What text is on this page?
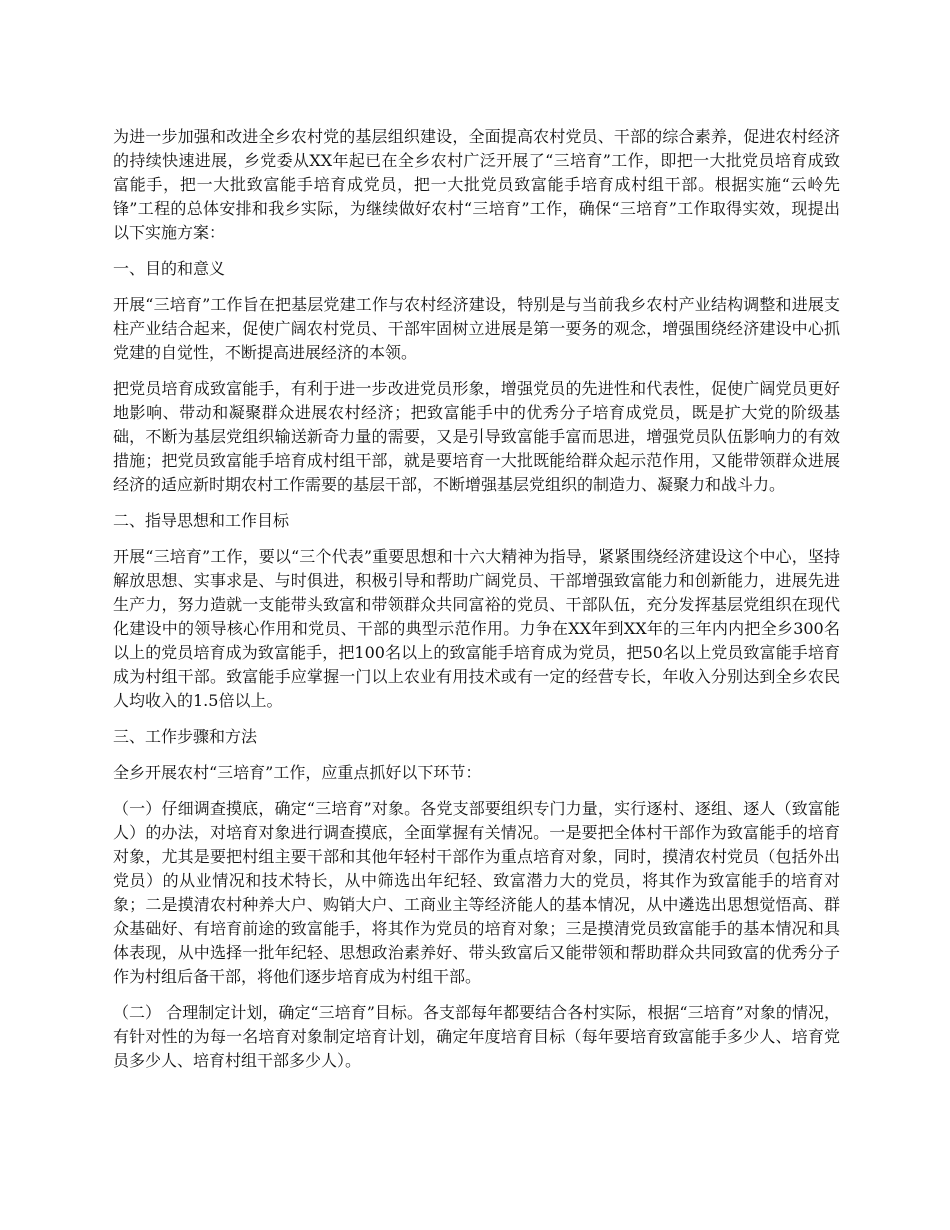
为进一步加强和改进全乡农村党的基层组织建设，全面提高农村党员、干部的综合素养，促进农村经济的持续快速进展，乡党委从XX年起已在全乡农村广泛开展了“三培育”工作，即把一大批党员培育成致富能手，把一大批致富能手培育成党员，把一大批党员致富能手培育成村组干部。根据实施“云岭先锋”工程的总体安排和我乡实际，为继续做好农村“三培育”工作，确保“三培育”工作取得实效，现提出以下实施方案：

一、目的和意义

开展“三培育”工作旨在把基层党建工作与农村经济建设，特别是与当前我乡农村产业结构调整和进展支柱产业结合起来，促使广阔农村党员、干部牢固树立进展是第一要务的观念，增强围绕经济建设中心抓党建的自觉性，不断提高进展经济的本领。

把党员培育成致富能手，有利于进一步改进党员形象，增强党员的先进性和代表性，促使广阔党员更好地影响、带动和凝聚群众进展农村经济；把致富能手中的优秀分子培育成党员，既是扩大党的阶级基础，不断为基层党组织输送新奇力量的需要，又是引导致富能手富而思进，增强党员队伍影响力的有效措施；把党员致富能手培育成村组干部，就是要培育一大批既能给群众起示范作用，又能带领群众进展经济的适应新时期农村工作需要的基层干部，不断增强基层党组织的制造力、凝聚力和战斗力。

二、指导思想和工作目标

开展“三培育”工作，要以“三个代表”重要思想和十六大精神为指导，紧紧围绕经济建设这个中心，坚持解放思想、实事求是、与时俱进，积极引导和帮助广阔党员、干部增强致富能力和创新能力，进展先进生产力，努力造就一支能带头致富和带领群众共同富裕的党员、干部队伍，充分发挥基层党组织在现代化建设中的领导核心作用和党员、干部的典型示范作用。力争在XX年到XX年的三年内内把全乡300名以上的党员培育成为致富能手，把100名以上的致富能手培育成为党员，把50名以上党员致富能手培育成为村组干部。致富能手应掌握一门以上农业有用技术或有一定的经营专长，年收入分别达到全乡农民人均收入的1.5倍以上。

三、工作步骤和方法

全乡开展农村“三培育”工作，应重点抓好以下环节：

（一）仔细调查摸底，确定“三培育”对象。各党支部要组织专门力量，实行逐村、逐组、逐人（致富能人）的办法，对培育对象进行调查摸底，全面掌握有关情况。一是要把全体村干部作为致富能手的培育对象，尤其是要把村组主要干部和其他年轻村干部作为重点培育对象，同时，摸清农村党员（包括外出党员）的从业情况和技术特长，从中筛选出年纪轻、致富潜力大的党员，将其作为致富能手的培育对象；二是摸清农村种养大户、购销大户、工商业主等经济能人的基本情况，从中遴选出思想觉悟高、群众基础好、有培育前途的致富能手，将其作为党员的培育对象；三是摸清党员致富能手的基本情况和具体表现，从中选择一批年纪轻、思想政治素养好、带头致富后又能带领和帮助群众共同致富的优秀分子作为村组后备干部，将他们逐步培育成为村组干部。

（二） 合理制定计划，确定“三培育”目标。各支部每年都要结合各村实际，根据“三培育”对象的情况，有针对性的为每一名培育对象制定培育计划，确定年度培育目标（每年要培育致富能手多少人、培育党员多少人、培育村组干部多少人）。
